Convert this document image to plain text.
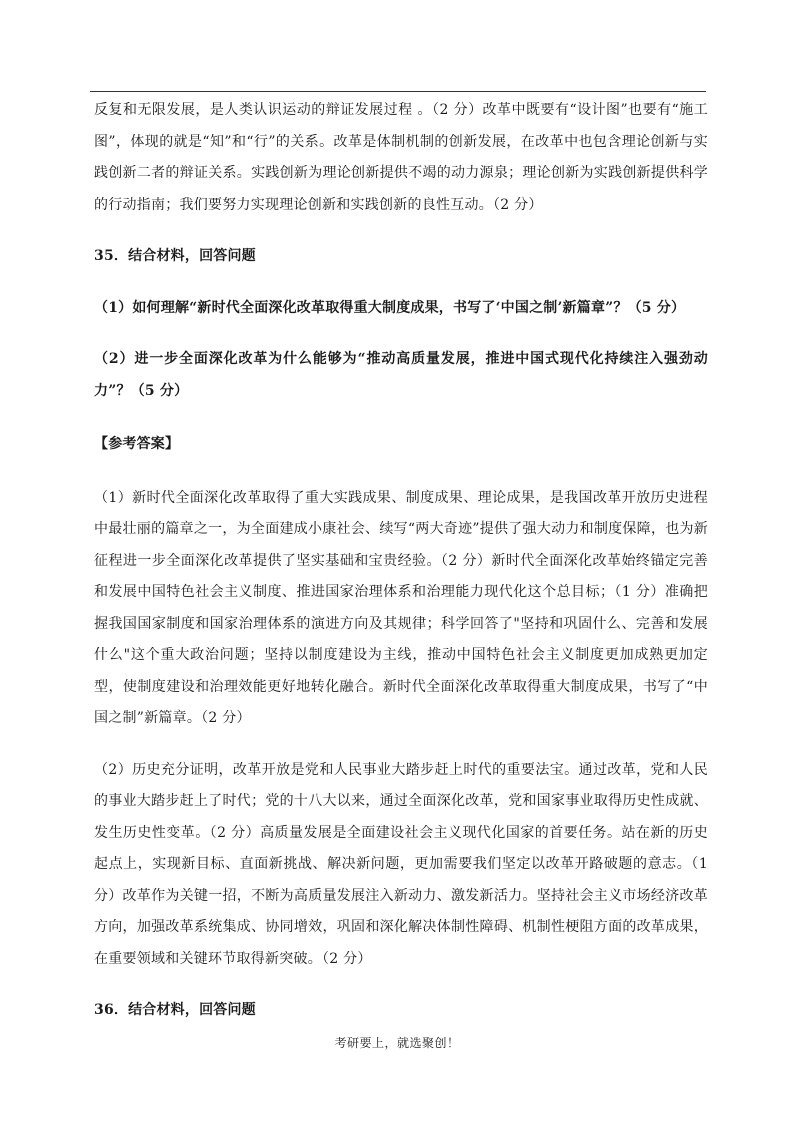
反复和无限发展，是人类认识运动的辩证发展过程 。（2 分）改革中既要有“设计图”也要有“施工图”，体现的就是“知”和“行”的关系。改革是体制机制的创新发展，在改革中也包含理论创新与实践创新二者的辩证关系。实践创新为理论创新提供不竭的动力源泉；理论创新为实践创新提供科学的行动指南；我们要努力实现理论创新和实践创新的良性互动。（2 分）

35．结合材料，回答问题

（1）如何理解“新时代全面深化改革取得重大制度成果，书写了‘中国之制’新篇章”？（5 分）

（2）进一步全面深化改革为什么能够为“推动高质量发展，推进中国式现代化持续注入强劲动力”？（5 分）

【参考答案】

（1）新时代全面深化改革取得了重大实践成果、制度成果、理论成果，是我国改革开放历史进程中最壮丽的篇章之一，为全面建成小康社会、续写“两大奇迹”提供了强大动力和制度保障，也为新征程进一步全面深化改革提供了坚实基础和宝贵经验。（2 分）新时代全面深化改革始终锚定完善和发展中国特色社会主义制度、推进国家治理体系和治理能力现代化这个总目标；（1 分）准确把握我国国家制度和国家治理体系的演进方向及其规律；科学回答了"坚持和巩固什么、完善和发展什么"这个重大政治问题；坚持以制度建设为主线，推动中国特色社会主义制度更加成熟更加定型，使制度建设和治理效能更好地转化融合。新时代全面深化改革取得重大制度成果，书写了“中国之制”新篇章。（2 分）

（2）历史充分证明，改革开放是党和人民事业大踏步赶上时代的重要法宝。通过改革，党和人民的事业大踏步赶上了时代；党的十八大以来，通过全面深化改革，党和国家事业取得历史性成就、发生历史性变革。（2 分）高质量发展是全面建设社会主义现代化国家的首要任务。站在新的历史起点上，实现新目标、直面新挑战、解决新问题，更加需要我们坚定以改革开路破题的意志。（1 分）改革作为关键一招，不断为高质量发展注入新动力、激发新活力。坚持社会主义市场经济改革方向，加强改革系统集成、协同增效，巩固和深化解决体制性障碍、机制性梗阻方面的改革成果，在重要领域和关键环节取得新突破。（2 分）

36．结合材料，回答问题

考研要上，就选聚创！
